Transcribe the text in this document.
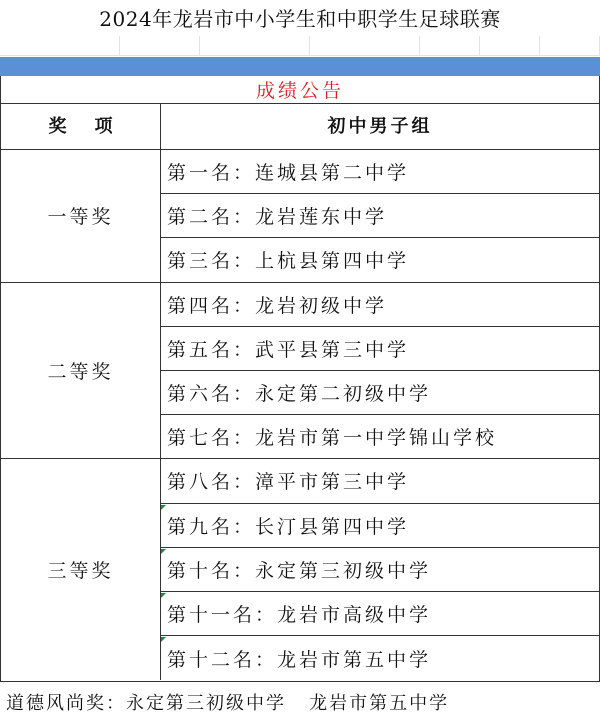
2024年龙岩市中小学生和中职学生足球联赛
成绩公告
奖项	初中男子组
一等奖
第一名：连城县第二中学
第二名：龙岩莲东中学
第三名：上杭县第四中学
二等奖
第四名：龙岩初级中学
第五名：武平县第三中学
第六名：永定第二初级中学
第七名：龙岩市第一中学锦山学校
三等奖
第八名：漳平市第三中学
第九名：长汀县第四中学
第十名：永定第三初级中学
第十一名：龙岩市高级中学
第十二名：龙岩市第五中学
道德风尚奖：永定第三初级中学   龙岩市第五中学
